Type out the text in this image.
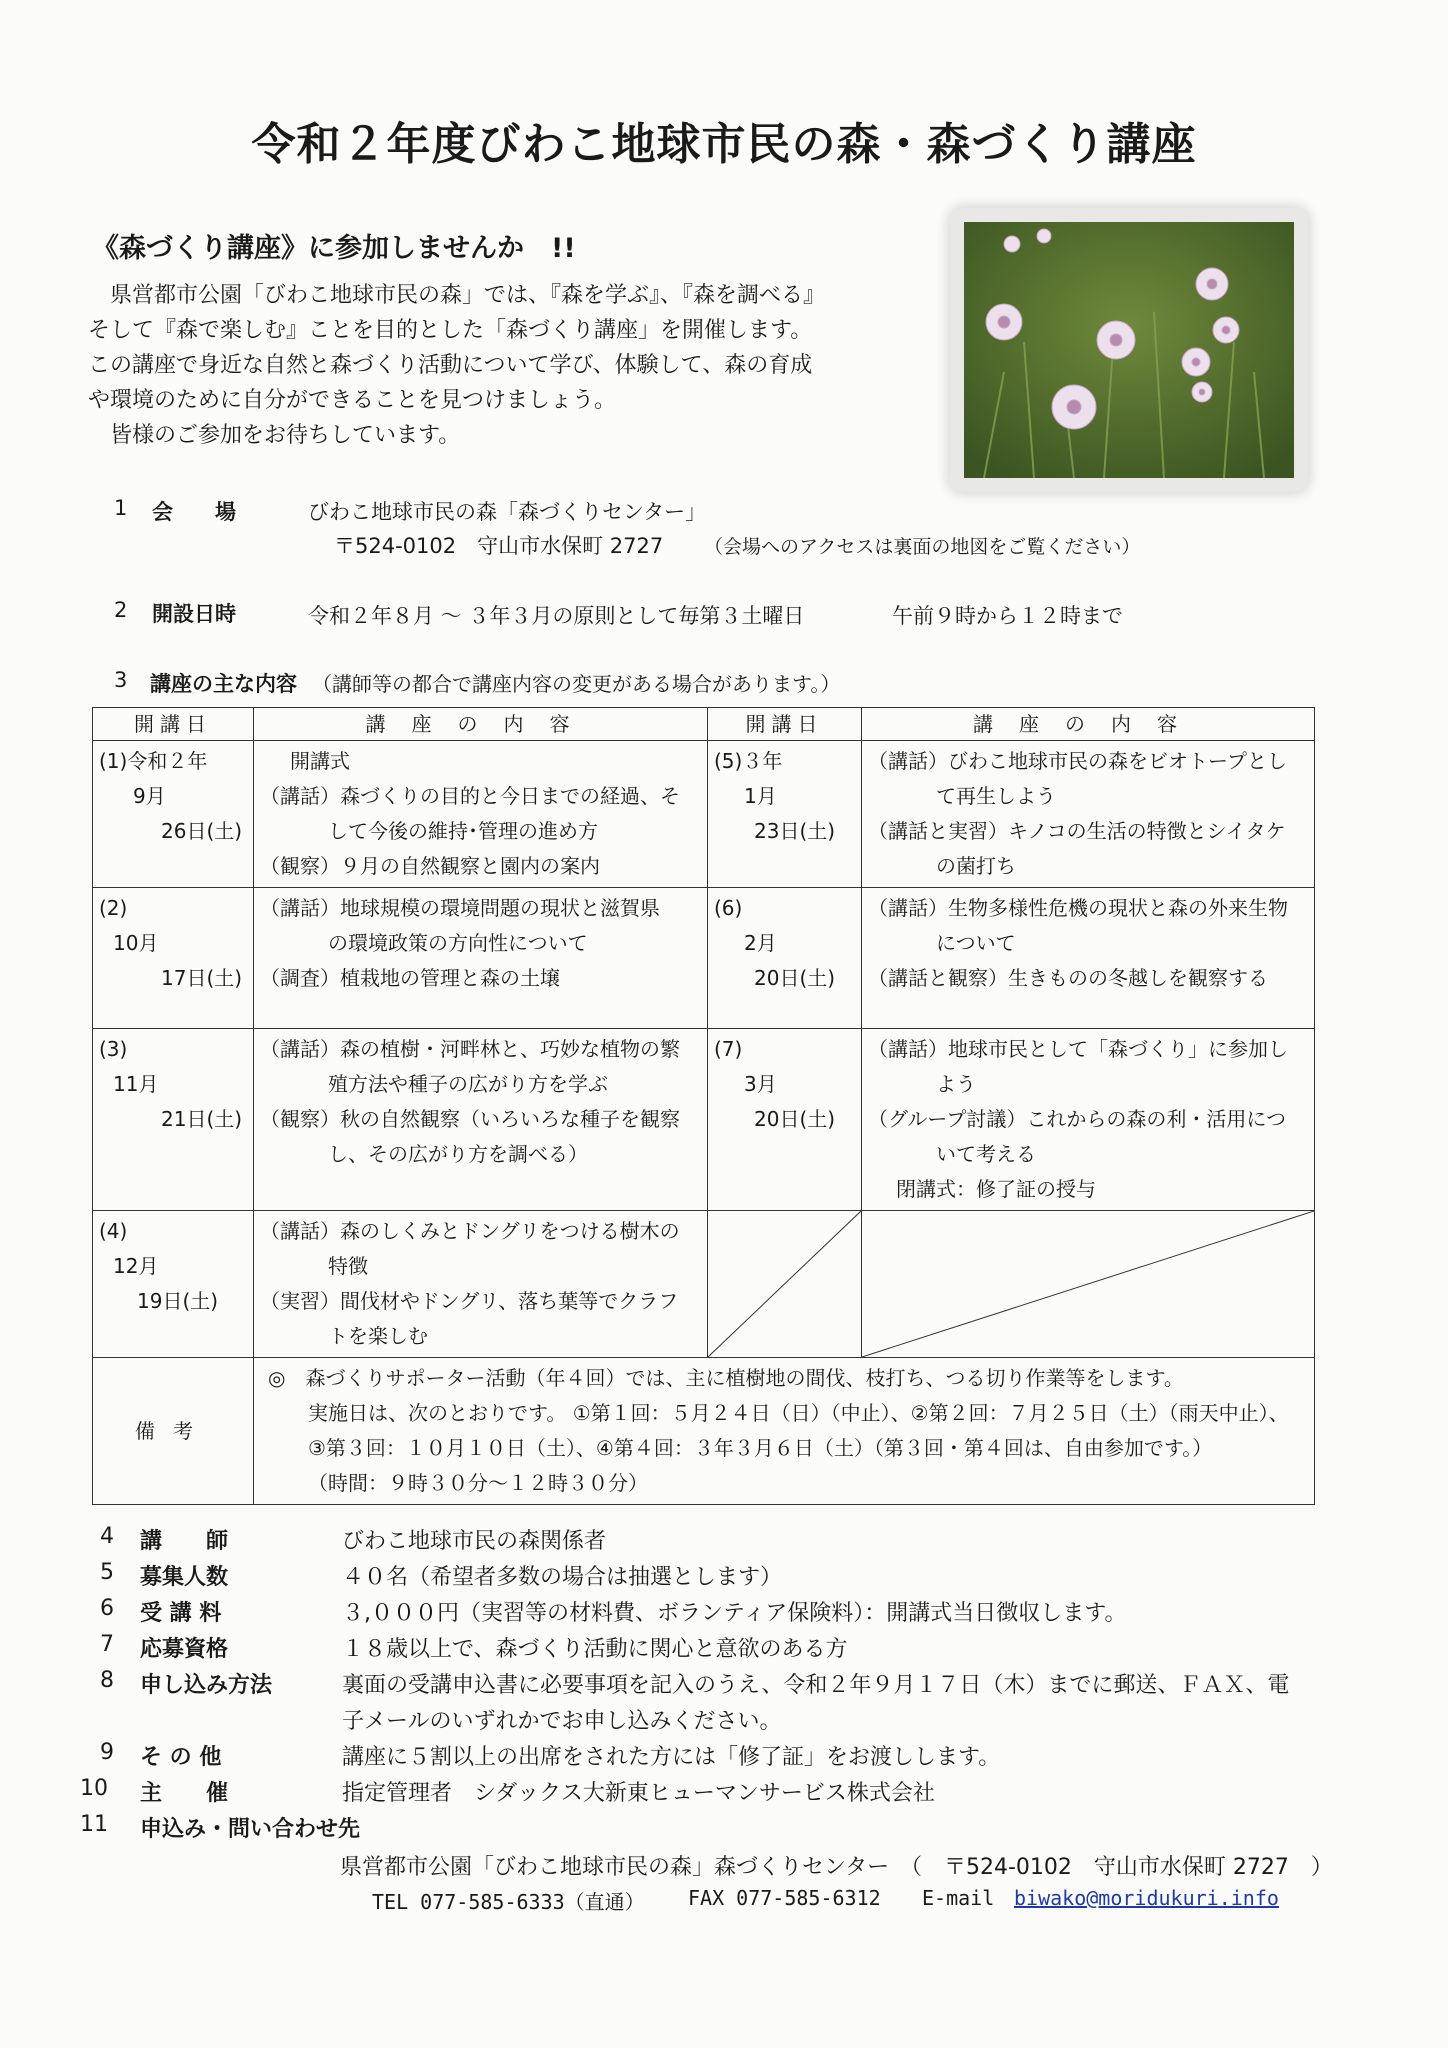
令和２年度びわこ地球市民の森・森づくり講座
《森づくり講座》に参加しませんか　!!

県営都市公園「びわこ地球市民の森」では、『森を学ぶ』、『森を調べる』

そして『森で楽しむ』ことを目的とした「森づくり講座」を開催します。

この講座で身近な自然と森づくり活動について学び、体験して、森の育成

や環境のために自分ができることを見つけましょう。

皆様のご参加をお待ちしています。

1 会　　場	びわこ地球市民の森「森づくりセンター」
〒524-0102　守山市水保町 2727 （会場へのアクセスは裏面の地図をご覧ください）
2 開設日時	令和２年８月 ～ ３年３月の原則として毎第３土曜日	午前９時から１２時まで
3 講座の主な内容 （講師等の都合で講座内容の変更がある場合があります。）
開講日	講座の内容	開講日	講座の内容

(1)令和２年
9月
26日(土)	開講式
（講話）森づくりの目的と今日までの経過、そ
して今後の維持･管理の進め方
（観察）９月の自然観察と園内の案内	(5)３年
1月
23日(土)	（講話）びわこ地球市民の森をビオトープとし
て再生しよう
（講話と実習）キノコの生活の特徴とシイタケ
の菌打ち

(2)
10月
17日(土)	（講話）地球規模の環境問題の現状と滋賀県
の環境政策の方向性について
（調査）植栽地の管理と森の土壌	(6)
2月
20日(土)	（講話）生物多様性危機の現状と森の外来生物
について
（講話と観察）生きものの冬越しを観察する

(3)
11月
21日(土)	（講話）森の植樹・河畔林と、巧妙な植物の繁
殖方法や種子の広がり方を学ぶ
（観察）秋の自然観察（いろいろな種子を観察
し、その広がり方を調べる）	(7)
3月
20日(土)	（講話）地球市民として「森づくり」に参加し
よう
（グループ討議）これからの森の利・活用につ
いて考える
閉講式：修了証の授与

(4)
12月
19日(土)	（講話）森のしくみとドングリをつける樹木の
特徴
（実習）間伐材やドングリ、落ち葉等でクラフ
トを楽しむ

備考	◎　森づくりサポーター活動（年４回）では、主に植樹地の間伐、枝打ち、つる切り作業等をします。
実施日は、次のとおりです。 ①第１回：５月２４日（日）（中止）、②第２回：７月２５日（土）（雨天中止）、
③第３回：１０月１０日（土）、④第４回：３年３月６日（土）（第３回・第４回は、自由参加です。）
（時間：９時３０分～１２時３０分）		
4 講　　師	びわこ地球市民の森関係者
5 募集人数	４０名（希望者多数の場合は抽選とします）
6 受 講 料	３,０００円（実習等の材料費、ボランティア保険料）：開講式当日徴収します。
7 応募資格	１８歳以上で、森づくり活動に関心と意欲のある方
8 申し込み方法	裏面の受講申込書に必要事項を記入のうえ、令和２年９月１７日（木）までに郵送、ＦＡＸ、電
子メールのいずれかでお申し込みください。
9 そ の 他	講座に５割以上の出席をされた方には「修了証」をお渡しします。
10 主　　催	指定管理者　シダックス大新東ヒューマンサービス株式会社
11 申込み・問い合わせ先
県営都市公園「びわこ地球市民の森」森づくりセンター （　〒524-0102　守山市水保町 2727　）
TEL 077-585-6333（直通） FAX 077-585-6312 E-mail biwako@moridukuri.info
